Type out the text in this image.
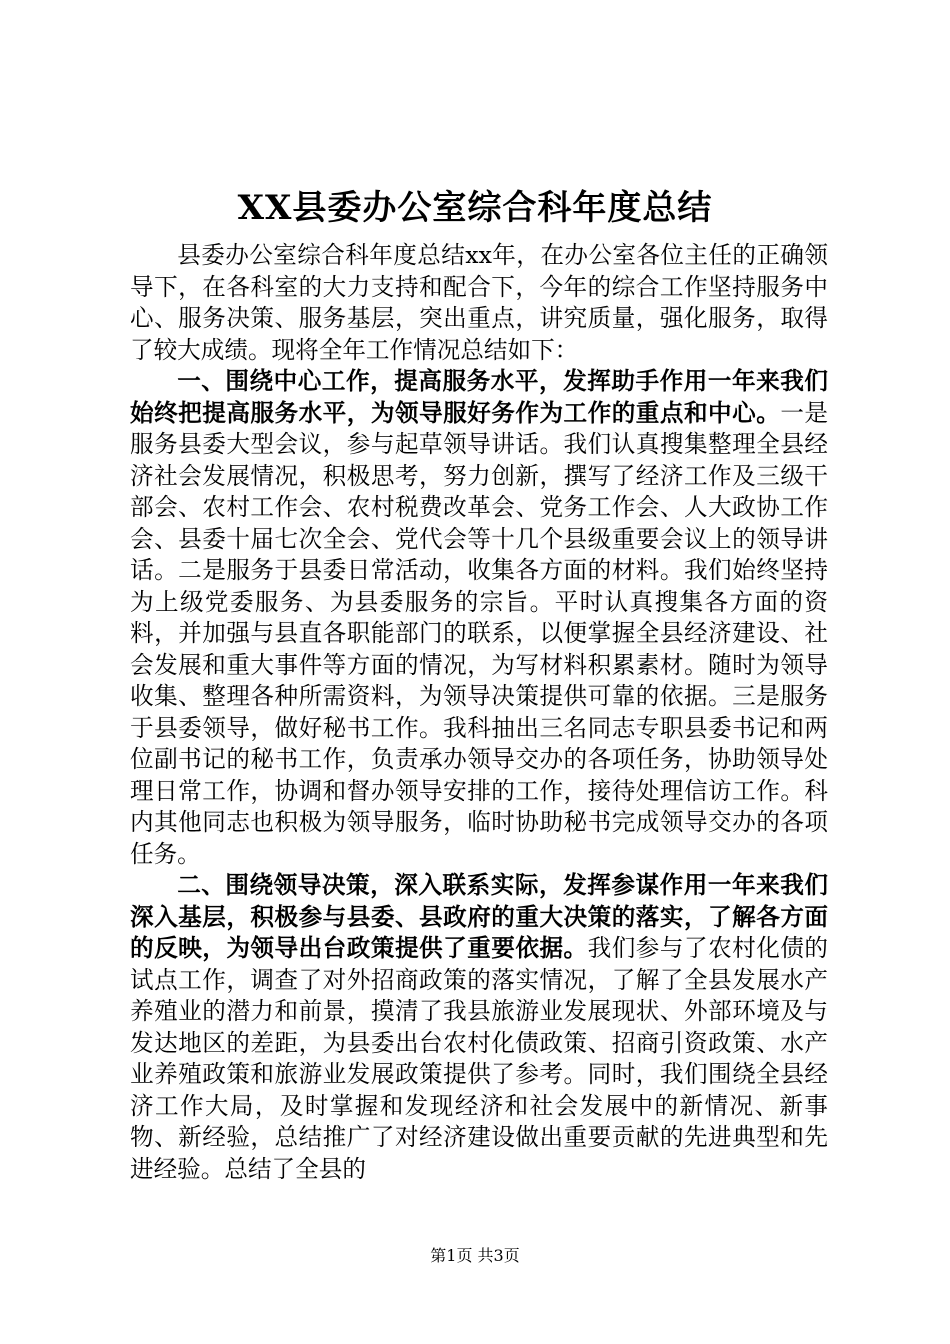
XX县委办公室综合科年度总结

县委办公室综合科年度总结xx年，在办公室各位主任的正确领导下，在各科室的大力支持和配合下，今年的综合工作坚持服务中心、服务决策、服务基层，突出重点，讲究质量，强化服务，取得了较大成绩。现将全年工作情况总结如下：

一、围绕中心工作，提高服务水平，发挥助手作用一年来我们始终把提高服务水平，为领导服好务作为工作的重点和中心。一是服务县委大型会议，参与起草领导讲话。我们认真搜集整理全县经济社会发展情况，积极思考，努力创新，撰写了经济工作及三级干部会、农村工作会、农村税费改革会、党务工作会、人大政协工作会、县委十届七次全会、党代会等十几个县级重要会议上的领导讲话。二是服务于县委日常活动，收集各方面的材料。我们始终坚持为上级党委服务、为县委服务的宗旨。平时认真搜集各方面的资料，并加强与县直各职能部门的联系，以便掌握全县经济建设、社会发展和重大事件等方面的情况，为写材料积累素材。随时为领导收集、整理各种所需资料，为领导决策提供可靠的依据。三是服务于县委领导，做好秘书工作。我科抽出三名同志专职县委书记和两位副书记的秘书工作，负责承办领导交办的各项任务，协助领导处理日常工作，协调和督办领导安排的工作，接待处理信访工作。科内其他同志也积极为领导服务，临时协助秘书完成领导交办的各项任务。

二、围绕领导决策，深入联系实际，发挥参谋作用一年来我们深入基层，积极参与县委、县政府的重大决策的落实，了解各方面的反映，为领导出台政策提供了重要依据。我们参与了农村化债的试点工作，调查了对外招商政策的落实情况，了解了全县发展水产养殖业的潜力和前景，摸清了我县旅游业发展现状、外部环境及与发达地区的差距，为县委出台农村化债政策、招商引资政策、水产业养殖政策和旅游业发展政策提供了参考。同时，我们围绕全县经济工作大局，及时掌握和发现经济和社会发展中的新情况、新事物、新经验，总结推广了对经济建设做出重要贡献的先进典型和先进经验。总结了全县的

第1页 共3页
